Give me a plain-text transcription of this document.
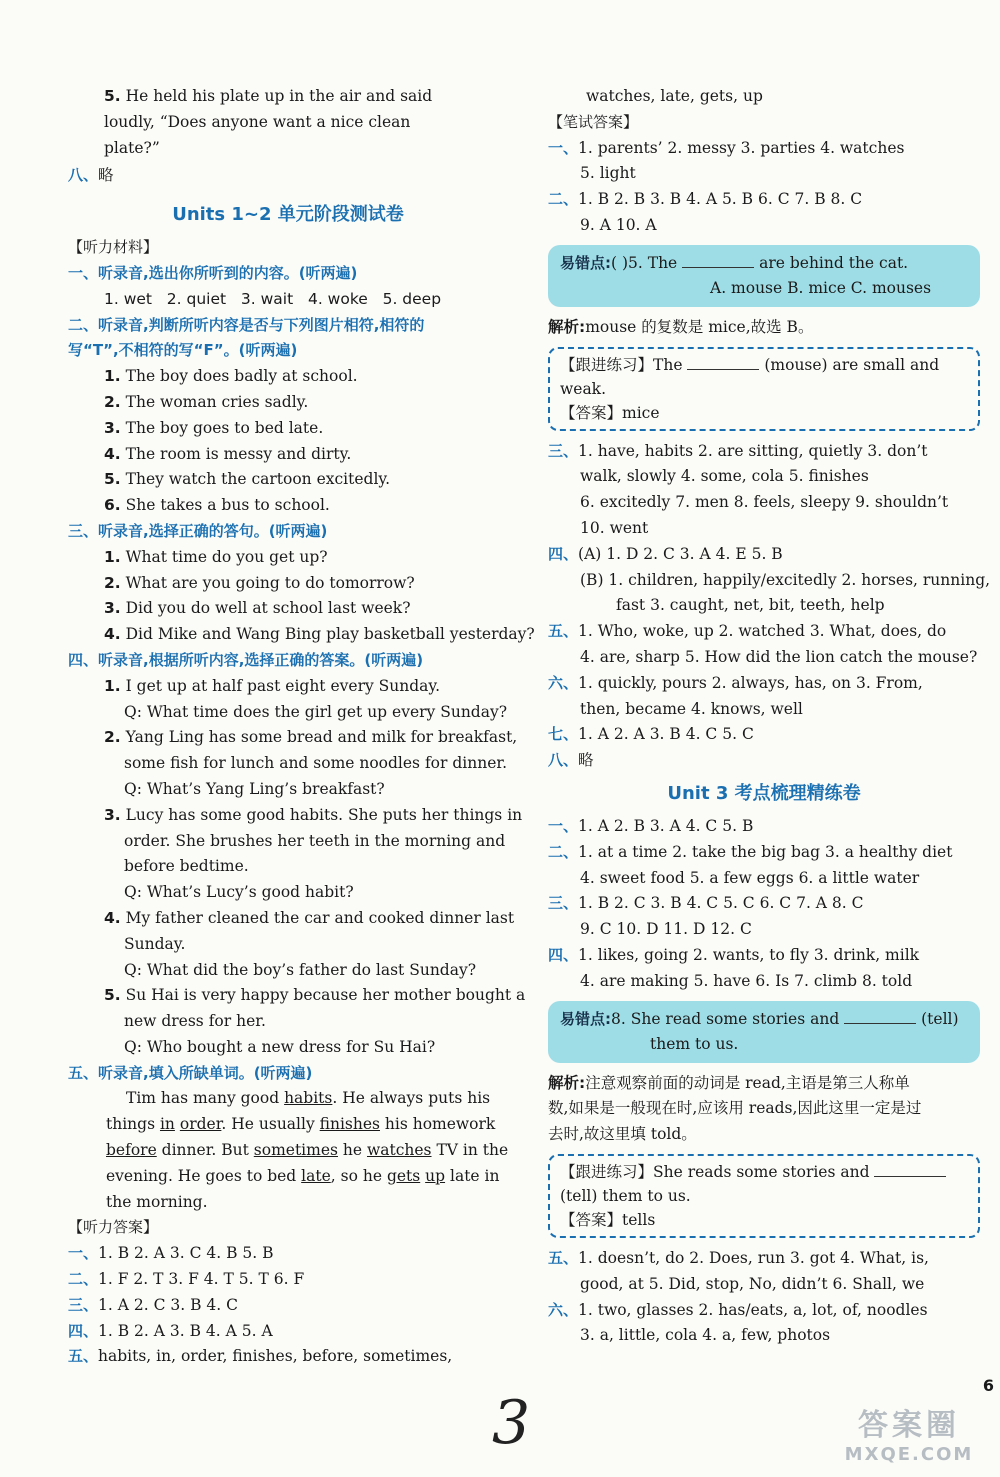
5. He held his plate up in the air and said
loudly, “Does anyone want a nice clean
plate?”
八、略
Units 1∼2 单元阶段测试卷
【听力材料】
一、听录音,选出你所听到的内容。(听两遍)
1. wet 2. quiet 3. wait 4. woke 5. deep
二、听录音,判断所听内容是否与下列图片相符,相符的
写“T”,不相符的写“F”。(听两遍)
1. The boy does badly at school.
2. The woman cries sadly.
3. The boy goes to bed late.
4. The room is messy and dirty.
5. They watch the cartoon excitedly.
6. She takes a bus to school.
三、听录音,选择正确的答句。(听两遍)
1. What time do you get up?
2. What are you going to do tomorrow?
3. Did you do well at school last week?
4. Did Mike and Wang Bing play basketball yesterday?
四、听录音,根据所听内容,选择正确的答案。(听两遍)
1. I get up at half past eight every Sunday.
Q: What time does the girl get up every Sunday?
2. Yang Ling has some bread and milk for breakfast,
some fish for lunch and some noodles for dinner.
Q: What’s Yang Ling’s breakfast?
3. Lucy has some good habits. She puts her things in
order. She brushes her teeth in the morning and
before bedtime.
Q: What’s Lucy’s good habit?
4. My father cleaned the car and cooked dinner last
Sunday.
Q: What did the boy’s father do last Sunday?
5. Su Hai is very happy because her mother bought a
new dress for her.
Q: Who bought a new dress for Su Hai?
五、听录音,填入所缺单词。(听两遍)
Tim has many good habits. He always puts his
things in order. He usually finishes his homework
before dinner. But sometimes he watches TV in the
evening. He goes to bed late, so he gets up late in
the morning.
【听力答案】
一、1. B 2. A 3. C 4. B 5. B
二、1. F 2. T 3. F 4. T 5. T 6. F
三、1. A 2. C 3. B 4. C
四、1. B 2. A 3. B 4. A 5. A
五、habits, in, order, finishes, before, sometimes,
watches, late, gets, up
【笔试答案】
一、1. parents’ 2. messy 3. parties 4. watches
5. light
二、1. B 2. B 3. B 4. A 5. B 6. C 7. B 8. C
9. A 10. A
易错点:( )5. The	are behind the cat.
A. mouse B. mice C. mouses
解析:mouse 的复数是 mice,故选 B。
【跟进练习】The	(mouse) are small and
weak.
【答案】mice
三、1. have, habits 2. are sitting, quietly 3. don’t
walk, slowly 4. some, cola 5. finishes
6. excitedly 7. men 8. feels, sleepy 9. shouldn’t
10. went
四、(A) 1. D 2. C 3. A 4. E 5. B
(B) 1. children, happily/excitedly 2. horses, running,
fast 3. caught, net, bit, teeth, help
五、1. Who, woke, up 2. watched 3. What, does, do
4. are, sharp 5. How did the lion catch the mouse?
六、1. quickly, pours 2. always, has, on 3. From,
then, became 4. knows, well
七、1. A 2. A 3. B 4. C 5. C
八、略
Unit 3 考点梳理精练卷
一、1. A 2. B 3. A 4. C 5. B
二、1. at a time 2. take the big bag 3. a healthy diet
4. sweet food 5. a few eggs 6. a little water
三、1. B 2. C 3. B 4. C 5. C 6. C 7. A 8. C
9. C 10. D 11. D 12. C
四、1. likes, going 2. wants, to fly 3. drink, milk
4. are making 5. have 6. Is 7. climb 8. told
易错点:8. She read some stories and	(tell)
them to us.
解析:注意观察前面的动词是 read,主语是第三人称单
数,如果是一般现在时,应该用 reads,因此这里一定是过
去时,故这里填 told。
【跟进练习】She reads some stories and
(tell) them to us.
【答案】tells
五、1. doesn’t, do 2. Does, run 3. got 4. What, is,
good, at 5. Did, stop, No, didn’t 6. Shall, we
六、1. two, glasses 2. has/eats, a, lot, of, noodles
3. a, little, cola 4. a, few, photos
6
3	答案圈
MXQE.COM
